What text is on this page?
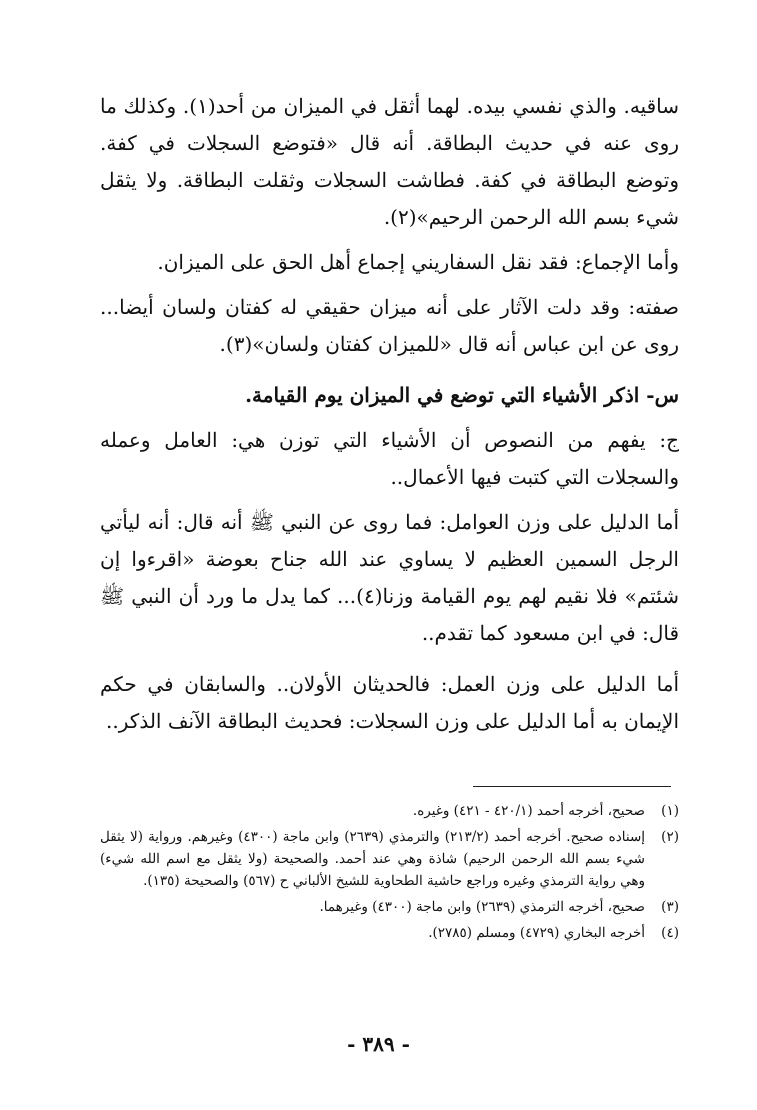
ساقيه. والذي نفسي بيده. لهما أثقل في الميزان من أحد(١). وكذلك ما روى عنه في حديث البطاقة. أنه قال «فتوضع السجلات في كفة. وتوضع البطاقة في كفة. فطاشت السجلات وثقلت البطاقة. ولا يثقل شيء بسم الله الرحمن الرحيم»(٢).

وأما الإجماع: فقد نقل السفاريني إجماع أهل الحق على الميزان.

صفته: وقد دلت الآثار على أنه ميزان حقيقي له كفتان ولسان أيضا... روى عن ابن عباس أنه قال «للميزان كفتان ولسان»(٣).

س- اذكر الأشياء التي توضع في الميزان يوم القيامة.

ج: يفهم من النصوص أن الأشياء التي توزن هي: العامل وعمله والسجلات التي كتبت فيها الأعمال..

أما الدليل على وزن العوامل: فما روى عن النبي ﷺ أنه قال: أنه ليأتي الرجل السمين العظيم لا يساوي عند الله جناح بعوضة «اقرءوا إن شئتم» فلا نقيم لهم يوم القيامة وزنا(٤)... كما يدل ما ورد أن النبي ﷺ قال: في ابن مسعود كما تقدم..

أما الدليل على وزن العمل: فالحديثان الأولان.. والسابقان في حكم الإيمان به أما الدليل على وزن السجلات: فحديث البطاقة الآنف الذكر..

(١)
صحيح، أخرجه أحمد (٤٢٠/١ - ٤٢١) وغيره.
(٢)
إسناده صحيح. أخرجه أحمد (٢١٣/٢) والترمذي (٢٦٣٩) وابن ماجة (٤٣٠٠) وغيرهم. ورواية (لا يثقل شيء بسم الله الرحمن الرحيم) شاذة وهي عند أحمد. والصحيحة (ولا يثقل مع اسم الله شيء) وهي رواية الترمذي وغيره وراجع حاشية الطحاوية للشيخ الألباني ح (٥٦٧) والصحيحة (١٣٥).
(٣)
صحيح، أخرجه الترمذي (٢٦٣٩) وابن ماجة (٤٣٠٠) وغيرهما.
(٤)
أخرجه البخاري (٤٧٢٩) ومسلم (٢٧٨٥).
- ٣٨٩ -
